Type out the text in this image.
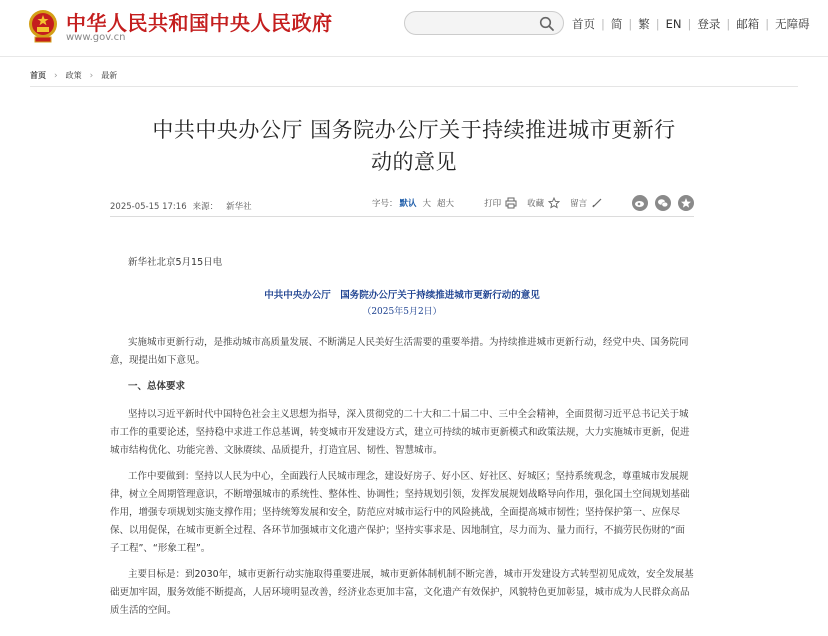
中华人民共和国中央人民政府
www.gov.cn
首页 | 简 | 繁 | EN | 登录 | 邮箱 | 无障碍
首页 › 政策 › 最新
中共中央办公厅 国务院办公厅关于持续推进城市更新行
动的意见
2025-05-15 17:16 来源： 新华社	字号： 默认 大 超大	打印	收藏	留言

新华社北京5月15日电

中共中央办公厅　国务院办公厅关于持续推进城市更新行动的意见

（2025年5月2日）

实施城市更新行动，是推动城市高质量发展、不断满足人民美好生活需要的重要举措。为持续推进城市更新行动，经党中央、国务院同意，现提出如下意见。

一、总体要求

坚持以习近平新时代中国特色社会主义思想为指导，深入贯彻党的二十大和二十届二中、三中全会精神，全面贯彻习近平总书记关于城市工作的重要论述，坚持稳中求进工作总基调，转变城市开发建设方式，建立可持续的城市更新模式和政策法规，大力实施城市更新，促进城市结构优化、功能完善、文脉赓续、品质提升，打造宜居、韧性、智慧城市。

工作中要做到：坚持以人民为中心，全面践行人民城市理念，建设好房子、好小区、好社区、好城区；坚持系统观念，尊重城市发展规律，树立全周期管理意识，不断增强城市的系统性、整体性、协调性；坚持规划引领，发挥发展规划战略导向作用，强化国土空间规划基础作用，增强专项规划实施支撑作用；坚持统筹发展和安全，防范应对城市运行中的风险挑战，全面提高城市韧性；坚持保护第一、应保尽保、以用促保，在城市更新全过程、各环节加强城市文化遗产保护；坚持实事求是、因地制宜，尽力而为、量力而行，不搞劳民伤财的“面子工程”、“形象工程”。

主要目标是：到2030年，城市更新行动实施取得重要进展，城市更新体制机制不断完善，城市开发建设方式转型初见成效，安全发展基础更加牢固，服务效能不断提高，人居环境明显改善，经济业态更加丰富，文化遗产有效保护，风貌特色更加彰显，城市成为人民群众高品质生活的空间。
